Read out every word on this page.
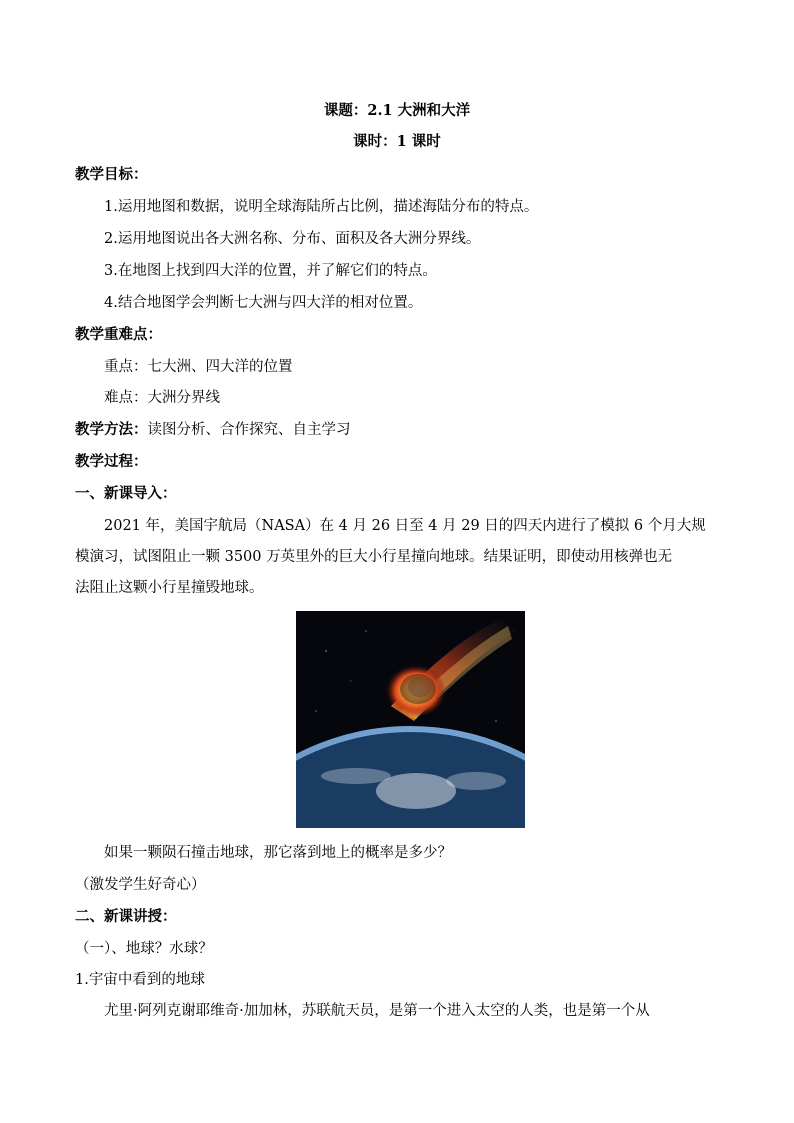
课题：2.1 大洲和大洋
课时：1 课时
教学目标：
1.运用地图和数据，说明全球海陆所占比例，描述海陆分布的特点。
2.运用地图说出各大洲名称、分布、面积及各大洲分界线。
3.在地图上找到四大洋的位置，并了解它们的特点。
4.结合地图学会判断七大洲与四大洋的相对位置。
教学重难点：
重点：七大洲、四大洋的位置
难点：大洲分界线
教学方法：读图分析、合作探究、自主学习
教学过程：
一、新课导入：
2021 年，美国宇航局（NASA）在 4 月 26 日至 4 月 29 日的四天内进行了模拟 6 个月大规
模演习，试图阻止一颗 3500 万英里外的巨大小行星撞向地球。结果证明，即使动用核弹也无
法阻止这颗小行星撞毁地球。
如果一颗陨石撞击地球，那它落到地上的概率是多少？
（激发学生好奇心）
二、新课讲授：
（一）、地球？水球？
1.宇宙中看到的地球
尤里·阿列克谢耶维奇·加加林，苏联航天员，是第一个进入太空的人类，也是第一个从
